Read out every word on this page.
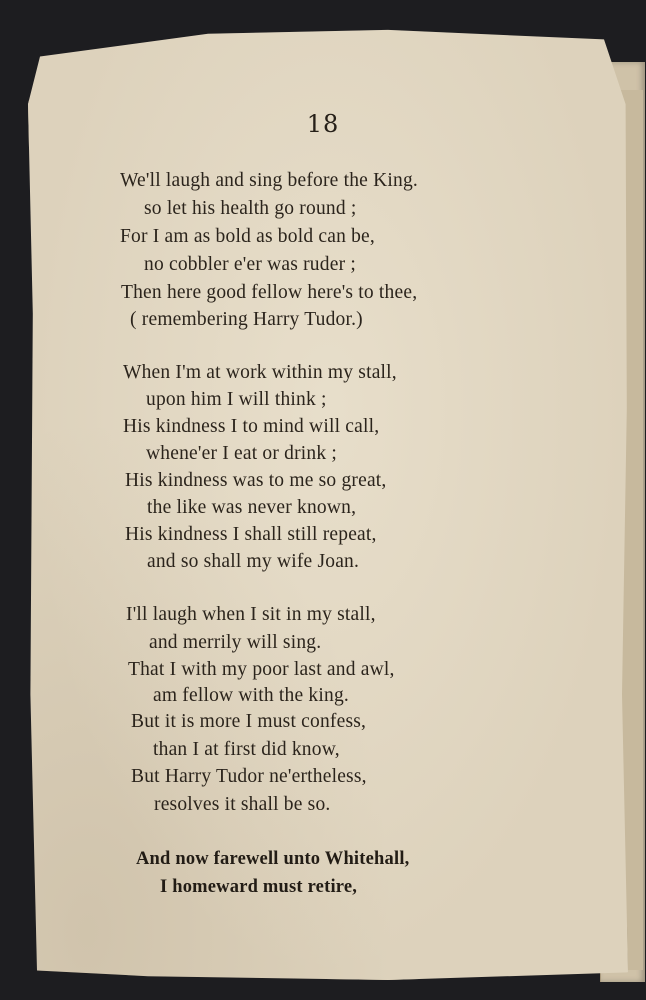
18
We'll laugh and sing before the King.
so let his health go round ;
For I am as bold as bold can be,
no cobbler e'er was ruder ;
Then here good fellow here's to thee,
( remembering Harry Tudor.)
When I'm at work within my stall,
upon him I will think ;
His kindness I to mind will call,
whene'er I eat or drink ;
His kindness was to me so great,
the like was never known,
His kindness I shall still repeat,
and so shall my wife Joan.
I'll laugh when I sit in my stall,
and merrily will sing.
That I with my poor last and awl,
am fellow with the king.
But it is more I must confess,
than I at first did know,
But Harry Tudor ne'ertheless,
resolves it shall be so.
And now farewell unto Whitehall,
I homeward must retire,
